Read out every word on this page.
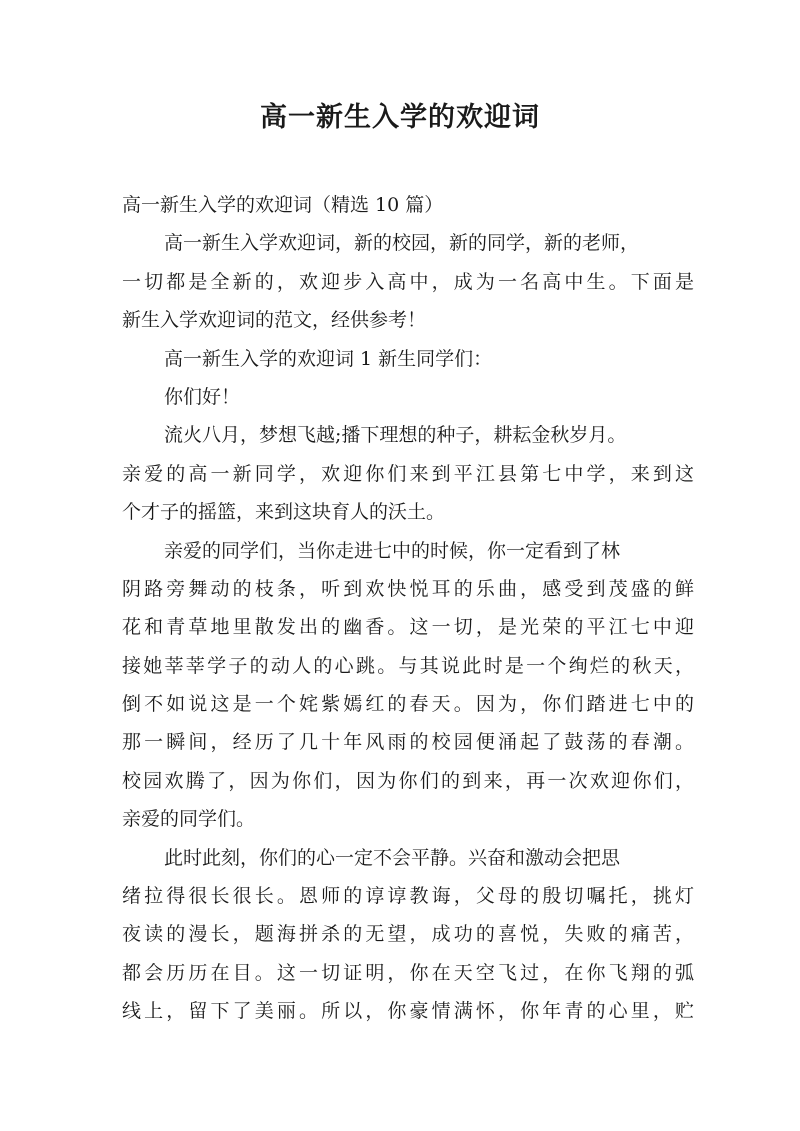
高一新生入学的欢迎词
高一新生入学的欢迎词（精选 10 篇）
高一新生入学欢迎词，新的校园，新的同学，新的老师，
一切都是全新的，欢迎步入高中，成为一名高中生。下面是
新生入学欢迎词的范文，经供参考！
高一新生入学的欢迎词 1 新生同学们：
你们好！
流火八月，梦想飞越;播下理想的种子，耕耘金秋岁月。
亲爱的高一新同学，欢迎你们来到平江县第七中学，来到这
个才子的摇篮，来到这块育人的沃土。
亲爱的同学们，当你走进七中的时候，你一定看到了林
阴路旁舞动的枝条，听到欢快悦耳的乐曲，感受到茂盛的鲜
花和青草地里散发出的幽香。这一切，是光荣的平江七中迎
接她莘莘学子的动人的心跳。与其说此时是一个绚烂的秋天，
倒不如说这是一个姹紫嫣红的春天。因为，你们踏进七中的
那一瞬间，经历了几十年风雨的校园便涌起了鼓荡的春潮。
校园欢腾了，因为你们，因为你们的到来，再一次欢迎你们，
亲爱的同学们。
此时此刻，你们的心一定不会平静。兴奋和激动会把思
绪拉得很长很长。恩师的谆谆教诲，父母的殷切嘱托，挑灯
夜读的漫长，题海拼杀的无望，成功的喜悦，失败的痛苦，
都会历历在目。这一切证明，你在天空飞过，在你飞翔的弧
线上，留下了美丽。所以，你豪情满怀，你年青的心里，贮
